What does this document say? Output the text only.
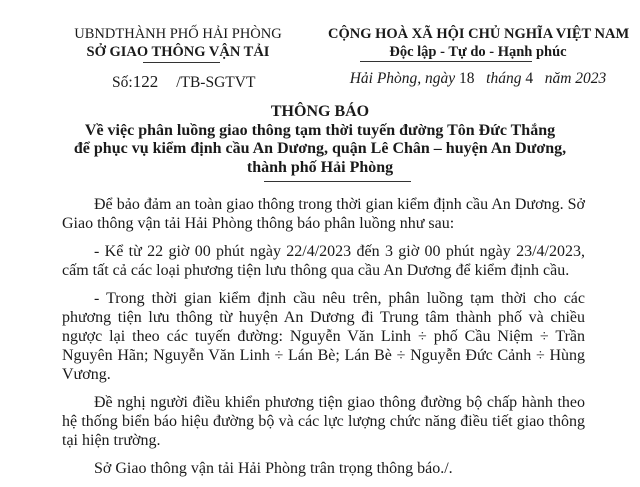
UBNDTHÀNH PHỐ HẢI PHÒNG
SỞ GIAO THÔNG VẬN TẢI
Số:122 /TB-SGTVT
CỘNG HOÀ XÃ HỘI CHỦ NGHĨA VIỆT NAM
Độc lập - Tự do - Hạnh phúc
Hải Phòng, ngày 18 tháng 4 năm 2023
THÔNG BÁO
Về việc phân luồng giao thông tạm thời tuyến đường Tôn Đức Thắng
để phục vụ kiểm định cầu An Dương, quận Lê Chân – huyện An Dương,
thành phố Hải Phòng

Để bảo đảm an toàn giao thông trong thời gian kiểm định cầu An Dương. Sở Giao thông vận tải Hải Phòng thông báo phân luồng như sau:

- Kể từ 22 giờ 00 phút ngày 22/4/2023 đến 3 giờ 00 phút ngày 23/4/2023, cấm tất cả các loại phương tiện lưu thông qua cầu An Dương để kiểm định cầu.

- Trong thời gian kiểm định cầu nêu trên, phân luồng tạm thời cho các phương tiện lưu thông từ huyện An Dương đi Trung tâm thành phố và chiều ngược lại theo các tuyến đường: Nguyễn Văn Linh ÷ phố Cầu Niệm ÷ Trần Nguyên Hãn; Nguyễn Văn Linh ÷ Lán Bè; Lán Bè ÷ Nguyễn Đức Cảnh ÷ Hùng Vương.

Đề nghị người điều khiển phương tiện giao thông đường bộ chấp hành theo hệ thống biển báo hiệu đường bộ và các lực lượng chức năng điều tiết giao thông tại hiện trường.

Sở Giao thông vận tải Hải Phòng trân trọng thông báo./.
